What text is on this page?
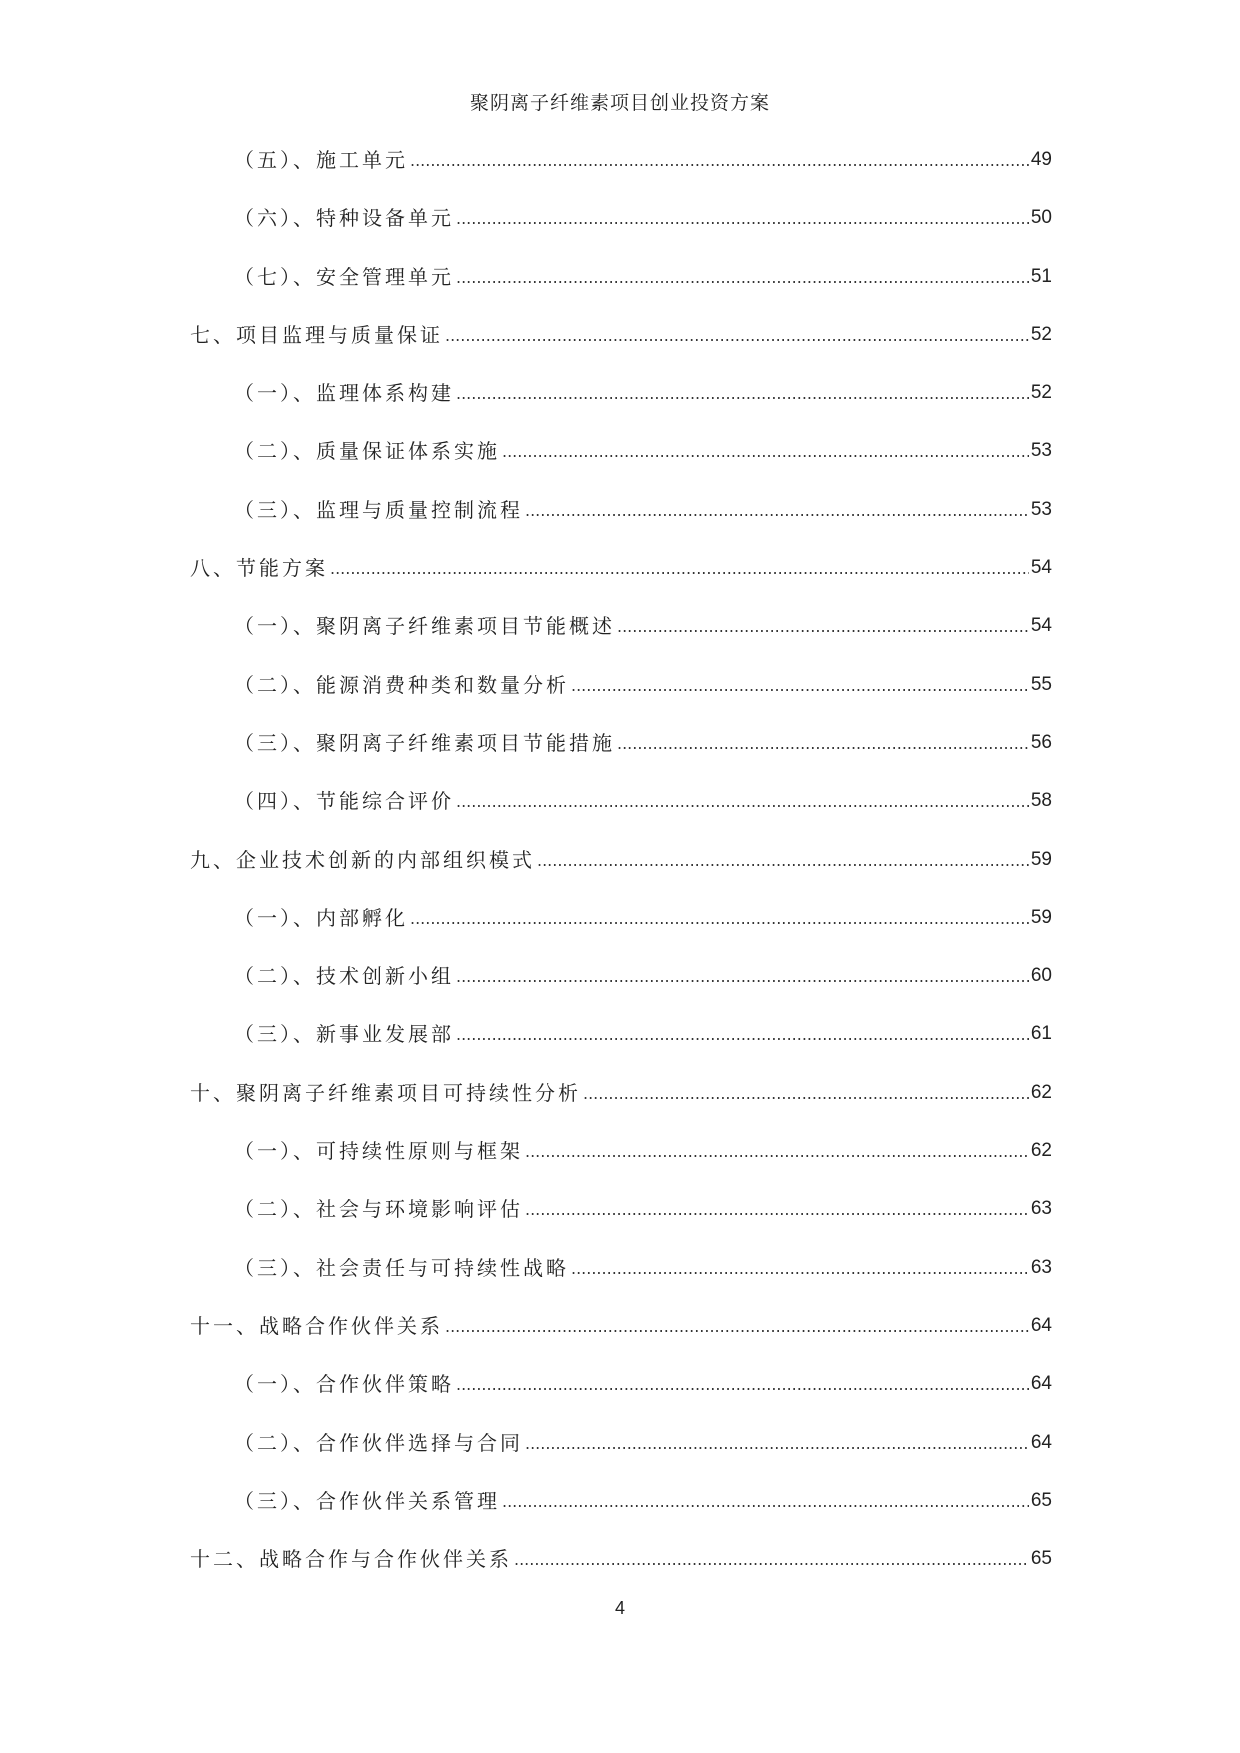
聚阴离子纤维素项目创业投资方案
（五）、施工单元 .....	49
（六）、特种设备单元 .....	50
（七）、安全管理单元 .....	51
七、项目监理与质量保证 .....	52
（一）、监理体系构建 .....	52
（二）、质量保证体系实施 .....	53
（三）、监理与质量控制流程 .....	53
八、节能方案 .....	54
（一）、聚阴离子纤维素项目节能概述 .....	54
（二）、能源消费种类和数量分析 .....	55
（三）、聚阴离子纤维素项目节能措施 .....	56
（四）、节能综合评价 .....	58
九、企业技术创新的内部组织模式 .....	59
（一）、内部孵化 .....	59
（二）、技术创新小组 .....	60
（三）、新事业发展部 .....	61
十、聚阴离子纤维素项目可持续性分析 .....	62
（一）、可持续性原则与框架 .....	62
（二）、社会与环境影响评估 .....	63
（三）、社会责任与可持续性战略 .....	63
十一、战略合作伙伴关系 .....	64
（一）、合作伙伴策略 .....	64
（二）、合作伙伴选择与合同 .....	64
（三）、合作伙伴关系管理 .....	65
十二、战略合作与合作伙伴关系 .....	65
4
